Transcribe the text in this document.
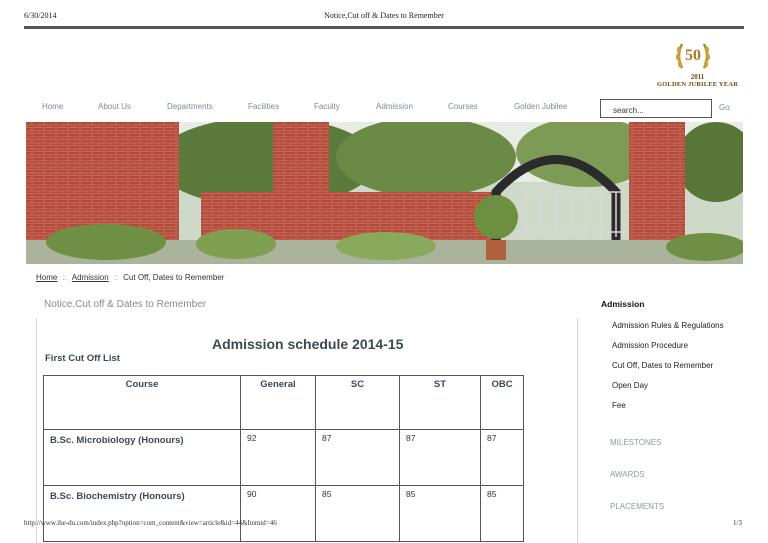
6/30/2014	Notice,Cut off & Dates to Remember
50
2011
GOLDEN JUBILEE YEAR
Home	About Us	Departments	Facilities	Faculty	Admission	Courses	Golden Jubilee
search...	Go
Home :: Admission :: Cut Off, Dates to Remember
Notice,Cut off & Dates to Remember
Admission schedule 2014-15
First Cut Off List
Course	General	SC	ST	OBC
B.Sc. Microbiology (Honours)	92	87	87	87
B.Sc. Biochemistry (Honours)	90	85	85	85
Admission
Admission Rules & Regulations
Admission Procedure
Cut Off, Dates to Remember
Open Day
Fee
MILESTONES
AWARDS
PLACEMENTS
http://www.ihe-du.com/index.php?option=com_content&view=article&id=44&Itemid=46	1/3
